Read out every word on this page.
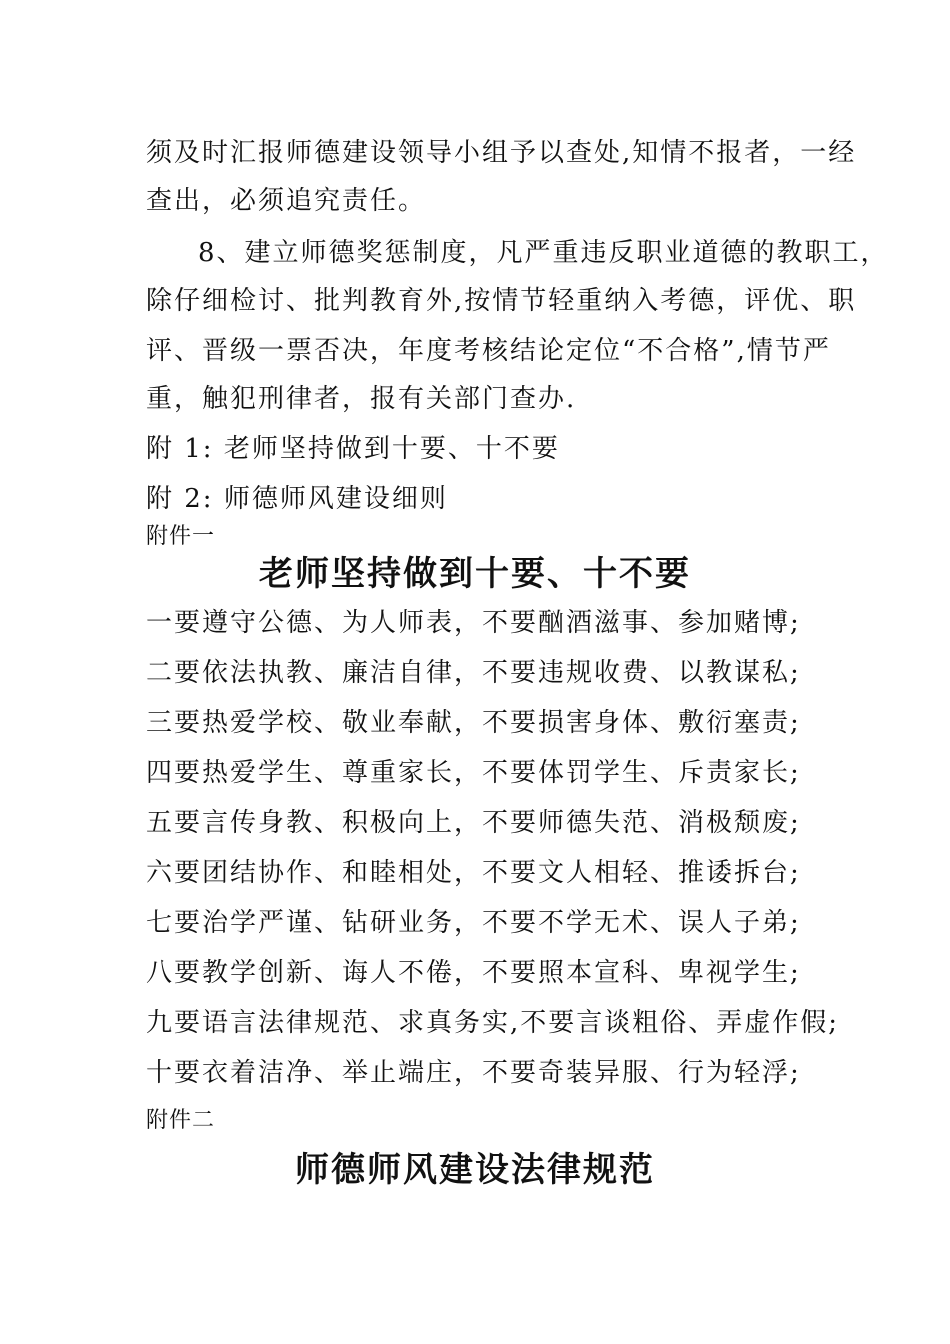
须及时汇报师德建设领导小组予以查处,知情不报者，一经
查出，必须追究责任。
8、建立师德奖惩制度，凡严重违反职业道德的教职工，
除仔细检讨、批判教育外,按情节轻重纳入考德，评优、职
评、晋级一票否决，年度考核结论定位“不合格”,情节严
重，触犯刑律者，报有关部门查办.
附 1: 老师坚持做到十要、十不要
附 2: 师德师风建设细则
附件一
老师坚持做到十要、十不要
一要遵守公德、为人师表，不要酗酒滋事、参加赌博;
二要依法执教、廉洁自律，不要违规收费、以教谋私;
三要热爱学校、敬业奉献，不要损害身体、敷衍塞责;
四要热爱学生、尊重家长，不要体罚学生、斥责家长;
五要言传身教、积极向上，不要师德失范、消极颓废;
六要团结协作、和睦相处，不要文人相轻、推诿拆台;
七要治学严谨、钻研业务，不要不学无术、误人子弟;
八要教学创新、诲人不倦，不要照本宣科、卑视学生;
九要语言法律规范、求真务实,不要言谈粗俗、弄虚作假;
十要衣着洁净、举止端庄，不要奇装异服、行为轻浮;
附件二
师德师风建设法律规范
